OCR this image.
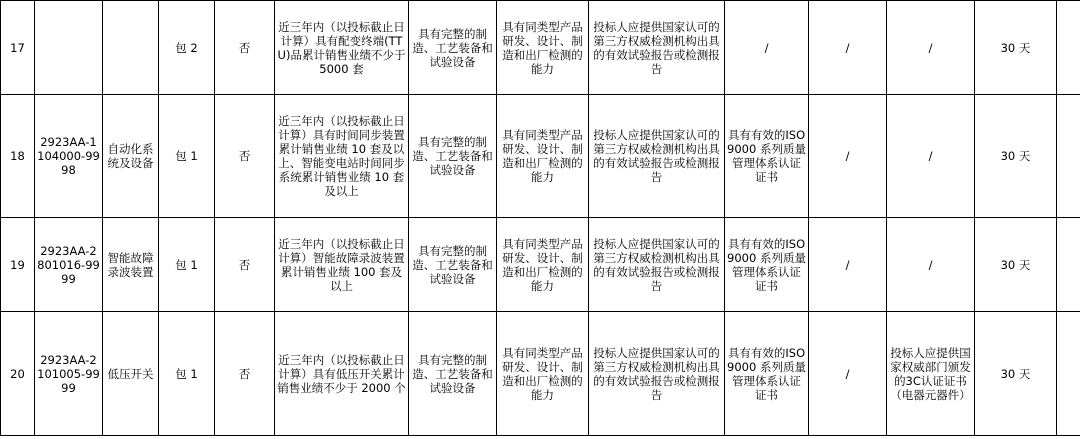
17			包 2	否	近三年内（以投标截止日计算）具有配变终端(TTU)品累计销售业绩不少于 5000 套	具有完整的制造、工艺装备和试验设备	具有同类型产品研发、设计、制造和出厂检测的能力	投标人应提供国家认可的第三方权威检测机构出具的有效试验报告或检测报告	/	/	/	30 天	
18	2923AA-1104000-9998	自动化系统及设备	包 1	否	近三年内（以投标截止日计算）具有时间同步装置累计销售业绩 10 套及以上、智能变电站时间同步系统累计销售业绩 10 套及以上	具有完整的制造、工艺装备和试验设备	具有同类型产品研发、设计、制造和出厂检测的能力	投标人应提供国家认可的第三方权威检测机构出具的有效试验报告或检测报告	具有有效的ISO9000 系列质量管理体系认证证书	/	/	30 天	
19	2923AA-2801016-9999	智能故障录波装置	包 1	否	近三年内（以投标截止日计算）智能故障录波装置累计销售业绩 100 套及以上	具有完整的制造、工艺装备和试验设备	具有同类型产品研发、设计、制造和出厂检测的能力	投标人应提供国家认可的第三方权威检测机构出具的有效试验报告或检测报告	具有有效的ISO9000 系列质量管理体系认证证书	/	/	30 天	
20	2923AA-2101005-9999	低压开关	包 1	否	近三年内（以投标截止日计算）具有低压开关累计销售业绩不少于 2000 个	具有完整的制造、工艺装备和试验设备	具有同类型产品研发、设计、制造和出厂检测的能力	投标人应提供国家认可的第三方权威检测机构出具的有效试验报告或检测报告	具有有效的ISO9000 系列质量管理体系认证证书	/	投标人应提供国家权威部门颁发的3C认证证书（电器元器件）	30 天	
